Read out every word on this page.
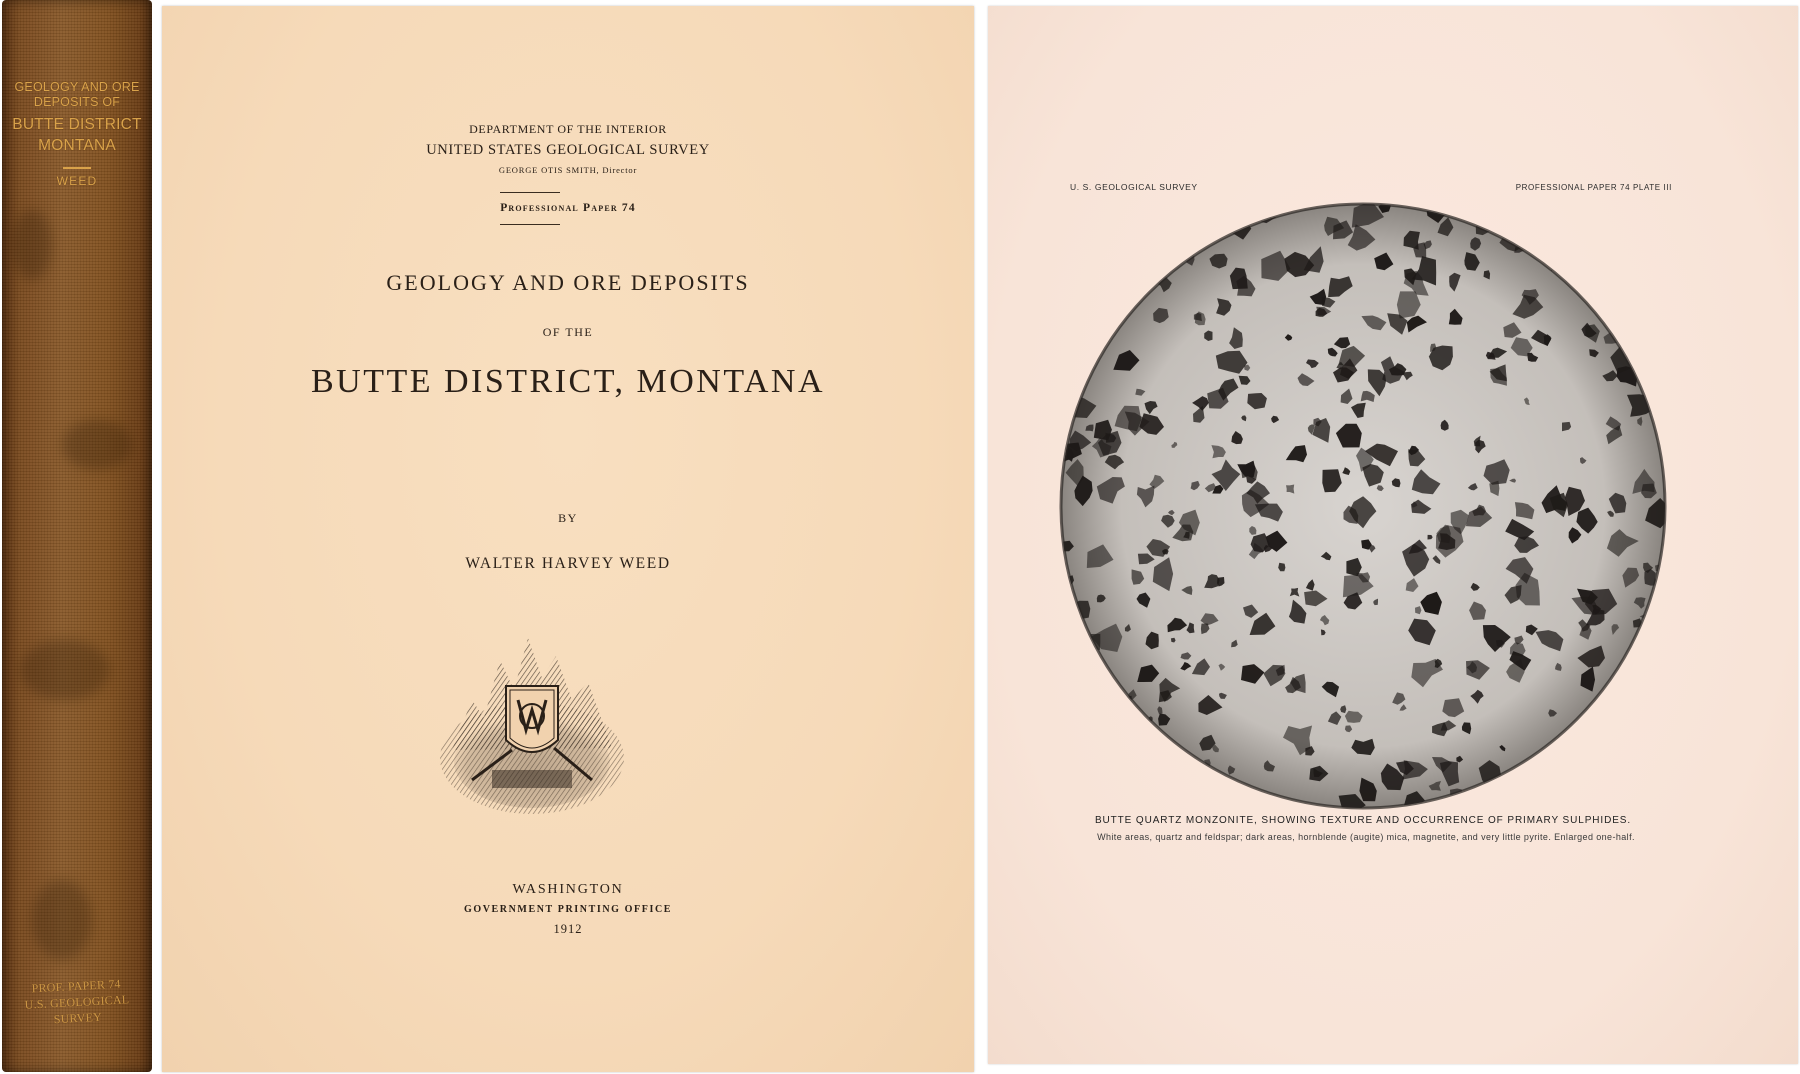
GEOLOGY AND ORE
DEPOSITS OF
BUTTE DISTRICT
MONTANA
WEED
PROF. PAPER 74
U.S. GEOLOGICAL SURVEY
DEPARTMENT OF THE INTERIOR
UNITED STATES GEOLOGICAL SURVEY
GEORGE OTIS SMITH, Director
Professional Paper 74
GEOLOGY AND ORE DEPOSITS
OF THE
BUTTE DISTRICT, MONTANA
BY
WALTER HARVEY WEED
WASHINGTON
GOVERNMENT PRINTING OFFICE
1912
U. S. GEOLOGICAL SURVEY	PROFESSIONAL PAPER 74 PLATE III
BUTTE QUARTZ MONZONITE, SHOWING TEXTURE AND OCCURRENCE OF PRIMARY SULPHIDES.
White areas, quartz and feldspar; dark areas, hornblende (augite) mica, magnetite, and very little pyrite. Enlarged one-half.
